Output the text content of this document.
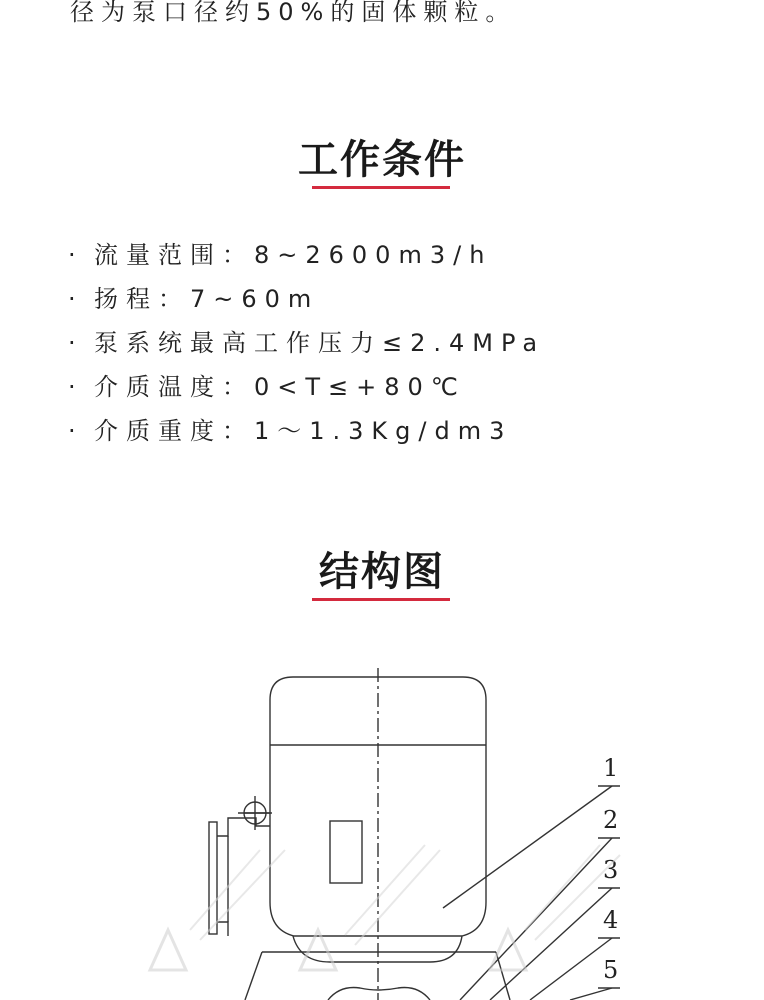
径为泵口径约50%的固体颗粒。
工作条件
· 流量范围：8~2600m3/h
· 扬程：7~60m
· 泵系统最高工作压力≤2.4MPa
· 介质温度：0<T≤+80℃
· 介质重度：1～1.3Kg/dm3
结构图
1
2
3
4
5
